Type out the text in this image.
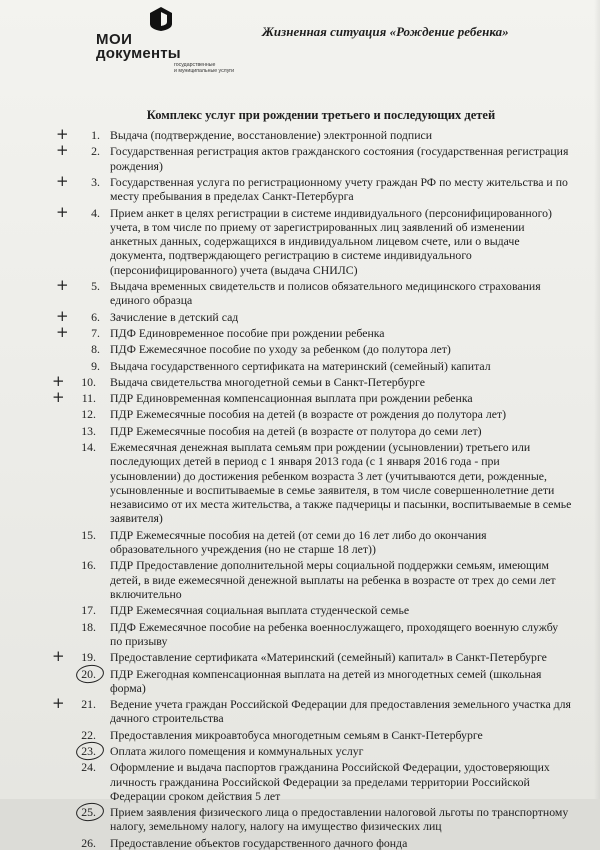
МОИ
документы
государственные
и муниципальные услуги
Жизненная ситуация «Рождение ребенка»
Комплекс услуг при рождении третьего и последующих детей
1. Выдача (подтверждение, восстановление) электронной подписи
+
2. Государственная регистрация актов гражданского состояния (государственная регистрация
рождения)
+
3. Государственная услуга по регистрационному учету граждан РФ по месту жительства и по
месту пребывания в пределах Санкт-Петербурга
+
4. Прием анкет в целях регистрации в системе индивидуального (персонифицированного)
учета, в том числе по приему от зарегистрированных лиц заявлений об изменении
анкетных данных, содержащихся в индивидуальном лицевом счете, или о выдаче
документа, подтверждающего регистрацию в системе индивидуального
(персонифицированного) учета (выдача СНИЛС)
+
5. Выдача временных свидетельств и полисов обязательного медицинского страхования
единого образца
+
6. Зачисление в детский сад
+
7. ПДФ Единовременное пособие при рождении ребенка
+
8. ПДФ Ежемесячное пособие по уходу за ребенком (до полутора лет)
9. Выдача государственного сертификата на материнский (семейный) капитал
10. Выдача свидетельства многодетной семьи в Санкт-Петербурге
+
11. ПДР Единовременная компенсационная выплата при рождении ребенка
+
12. ПДР Ежемесячные пособия на детей (в возрасте от рождения до полутора лет)
13. ПДР Ежемесячные пособия на детей (в возрасте от полутора до семи лет)
14. Ежемесячная денежная выплата семьям при рождении (усыновлении) третьего или
последующих детей в период с 1 января 2013 года (с 1 января 2016 года - при
усыновлении) до достижения ребенком возраста 3 лет (учитываются дети, рожденные,
усыновленные и воспитываемые в семье заявителя, в том числе совершеннолетние дети
независимо от их места жительства, а также падчерицы и пасынки, воспитываемые в семье
заявителя)
15. ПДР Ежемесячные пособия на детей (от семи до 16 лет либо до окончания
образовательного учреждения (но не старше 18 лет))
16. ПДР Предоставление дополнительной меры социальной поддержки семьям, имеющим
детей, в виде ежемесячной денежной выплаты на ребенка в возрасте от трех до семи лет
включительно
17. ПДР Ежемесячная социальная выплата студенческой семье
18. ПДФ Ежемесячное пособие на ребенка военнослужащего, проходящего военную службу
по призыву
19. Предоставление сертификата «Материнский (семейный) капитал» в Санкт-Петербурге
+
20. ПДР Ежегодная компенсационная выплата на детей из многодетных семей (школьная
форма)
21. Ведение учета граждан Российской Федерации для предоставления земельного участка для
дачного строительства
+
22. Предоставления микроавтобуса многодетным семьям в Санкт-Петербурге
23. Оплата жилого помещения и коммунальных услуг
24. Оформление и выдача паспортов гражданина Российской Федерации, удостоверяющих
личность гражданина Российской Федерации за пределами территории Российской
Федерации сроком действия 5 лет
25. Прием заявления физического лица о предоставлении налоговой льготы по транспортному
налогу, земельному налогу, налогу на имущество физических лиц
26. Предоставление объектов государственного дачного фонда
